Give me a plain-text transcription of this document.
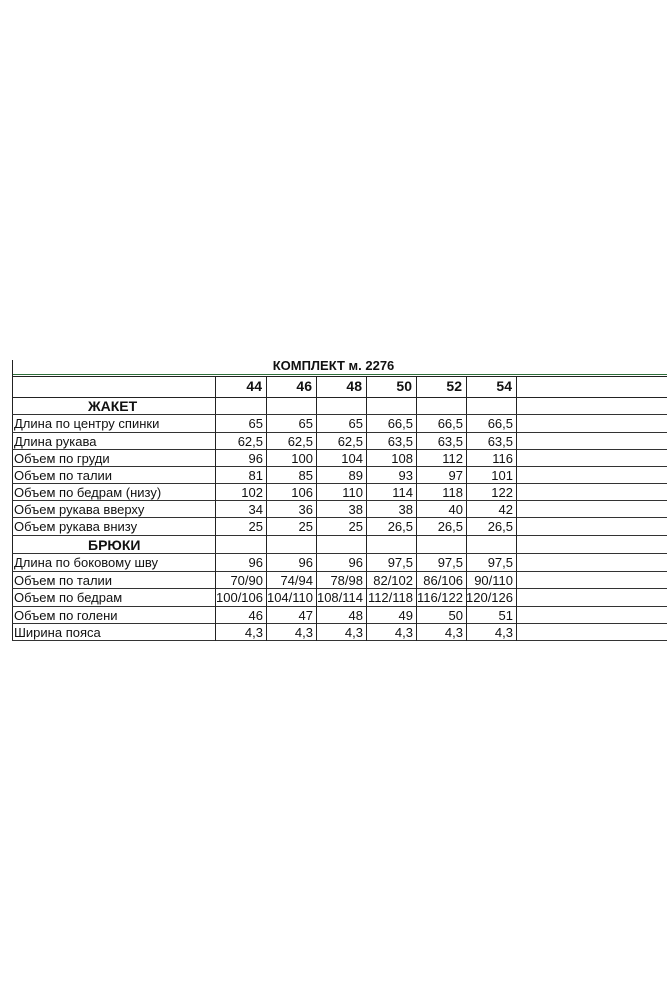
КОМПЛЕКТ м. 2276
44	46	48	50	52	54
ЖАКЕТ
Длина по центру спинки	65	65	65	66,5	66,5	66,5
Длина рукава	62,5	62,5	62,5	63,5	63,5	63,5
Объем по груди	96	100	104	108	112	116
Объем по талии	81	85	89	93	97	101
Объем по бедрам (низу)	102	106	110	114	118	122
Объем рукава вверху	34	36	38	38	40	42
Объем рукава внизу	25	25	25	26,5	26,5	26,5
БРЮКИ
Длина по боковому шву	96	96	96	97,5	97,5	97,5
Объем по талии	70/90	74/94	78/98 82/102 86/106 90/110
Объем по бедрам	100/106 104/110 108/114 112/118 116/122 120/126
Объем по голени	46	47	48	49	50	51
Ширина пояса	4,3	4,3	4,3	4,3	4,3	4,3
